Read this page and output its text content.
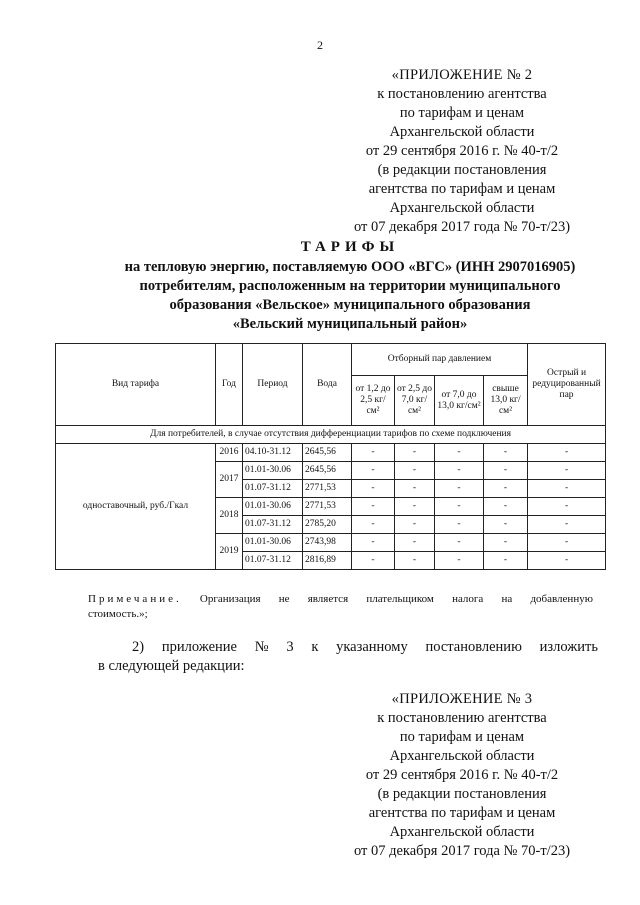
2
«ПРИЛОЖЕНИЕ № 2
к постановлению агентства
по тарифам и ценам
Архангельской области
от 29 сентября 2016 г. № 40-т/2
(в редакции постановления
агентства по тарифам и ценам
Архангельской области
от 07 декабря 2017 года № 70-т/23)
ТАРИФЫ
на тепловую энергию, поставляемую ООО «ВГС» (ИНН 2907016905)
потребителям, расположенным на территории муниципального
образования «Вельское» муниципального образования
«Вельский муниципальный район»
Вид тарифа	Год	Период	Вода	Отборный пар давлением				Острый и редуцированный пар
				от 1,2 до 2,5 кг/см²	от 2,5 до 7,0 кг/см²	от 7,0 до 13,0 кг/см²	свыше 13,0 кг/см²	
Для потребителей, в случае отсутствия дифференциации тарифов по схеме подключения								
одноставочный, руб./Гкал	2016	04.10-31.12	2645,56	-	-	-	-	-
	2017	01.01-30.06	2645,56	-	-	-	-	-
		01.07-31.12	2771,53	-	-	-	-	-
	2018	01.01-30.06	2771,53	-	-	-	-	-
		01.07-31.12	2785,20	-	-	-	-	-
	2019	01.01-30.06	2743,98	-	-	-	-	-
		01.07-31.12	2816,89	-	-	-	-	-
Примечание. Организация не является плательщиком налога на добавленную
стоимость.»;
2) приложение № 3 к указанному постановлению изложить
в следующей редакции:
«ПРИЛОЖЕНИЕ № 3
к постановлению агентства
по тарифам и ценам
Архангельской области
от 29 сентября 2016 г. № 40-т/2
(в редакции постановления
агентства по тарифам и ценам
Архангельской области
от 07 декабря 2017 года № 70-т/23)
